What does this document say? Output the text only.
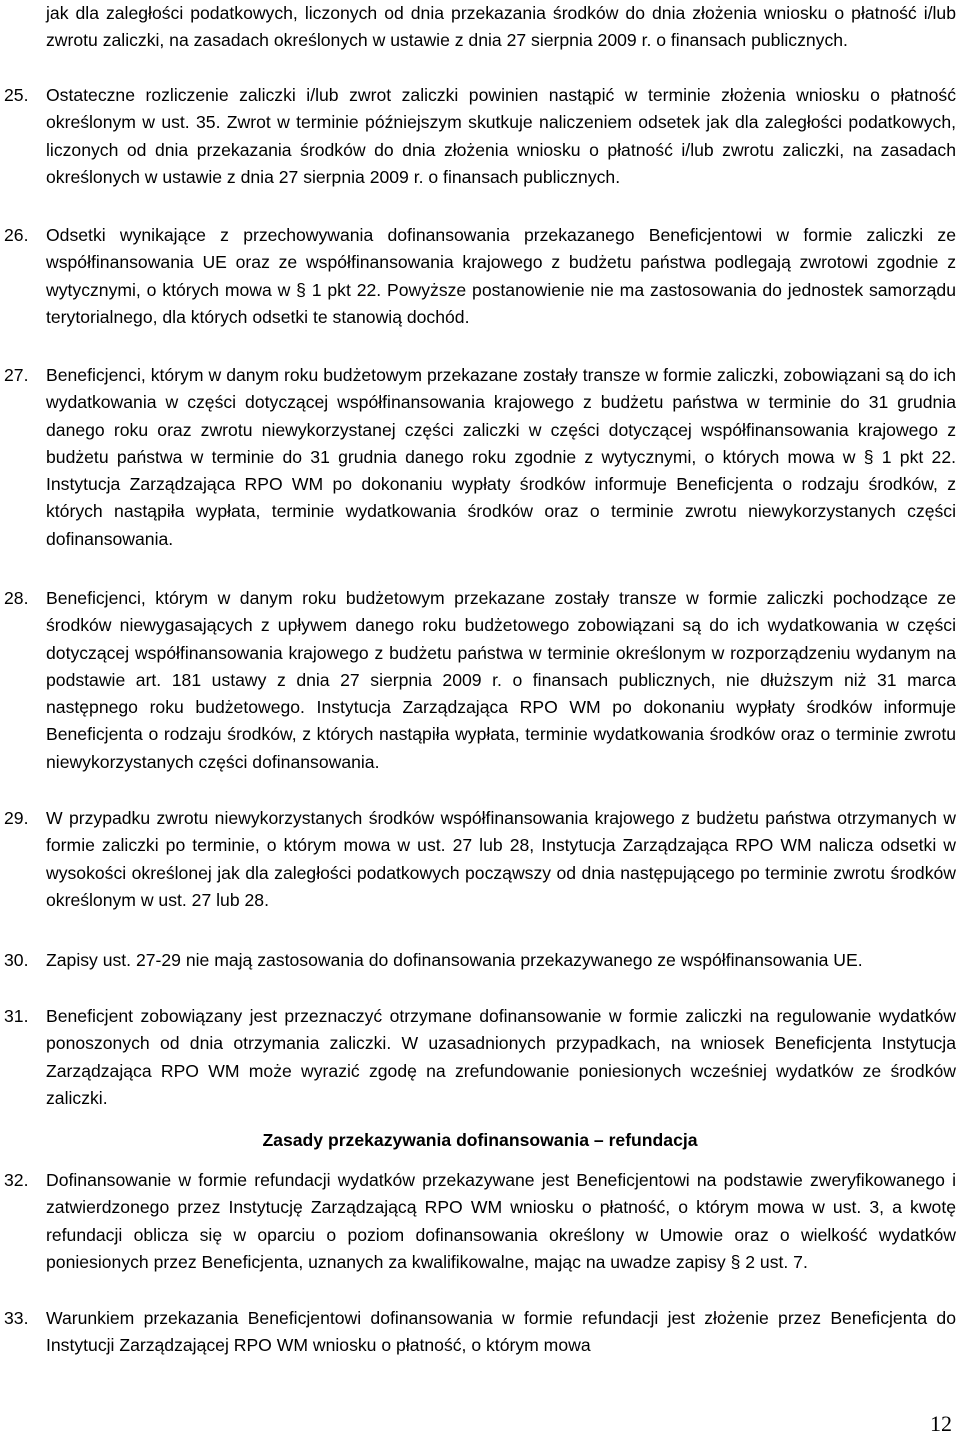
jak dla zaległości podatkowych, liczonych od dnia przekazania środków do dnia złożenia wniosku o płatność i/lub zwrotu zaliczki, na zasadach określonych w ustawie z dnia 27 sierpnia 2009 r. o finansach publicznych.
25. Ostateczne rozliczenie zaliczki i/lub zwrot zaliczki powinien nastąpić w terminie złożenia wniosku o płatność określonym w ust. 35. Zwrot w terminie późniejszym skutkuje naliczeniem odsetek jak dla zaległości podatkowych, liczonych od dnia przekazania środków do dnia złożenia wniosku o płatność i/lub zwrotu zaliczki, na zasadach określonych w ustawie z dnia 27 sierpnia 2009 r. o finansach publicznych.
26. Odsetki wynikające z przechowywania dofinansowania przekazanego Beneficjentowi w formie zaliczki ze współfinansowania UE oraz ze współfinansowania krajowego z budżetu państwa podlegają zwrotowi zgodnie z wytycznymi, o których mowa w § 1 pkt 22. Powyższe postanowienie nie ma zastosowania do jednostek samorządu terytorialnego, dla których odsetki te stanowią dochód.
27. Beneficjenci, którym w danym roku budżetowym przekazane zostały transze w formie zaliczki, zobowiązani są do ich wydatkowania w części dotyczącej współfinansowania krajowego z budżetu państwa w terminie do 31 grudnia danego roku oraz zwrotu niewykorzystanej części zaliczki w części dotyczącej współfinansowania krajowego z budżetu państwa w terminie do 31 grudnia danego roku zgodnie z wytycznymi, o których mowa w § 1 pkt 22. Instytucja Zarządzająca RPO WM po dokonaniu wypłaty środków informuje Beneficjenta o rodzaju środków, z których nastąpiła wypłata, terminie wydatkowania środków oraz o terminie zwrotu niewykorzystanych części dofinansowania.
28. Beneficjenci, którym w danym roku budżetowym przekazane zostały transze w formie zaliczki pochodzące ze środków niewygasających z upływem danego roku budżetowego zobowiązani są do ich wydatkowania w części dotyczącej współfinansowania krajowego z budżetu państwa w terminie określonym w rozporządzeniu wydanym na podstawie art. 181 ustawy z dnia 27 sierpnia 2009 r. o finansach publicznych, nie dłuższym niż 31 marca następnego roku budżetowego. Instytucja Zarządzająca RPO WM po dokonaniu wypłaty środków informuje Beneficjenta o rodzaju środków, z których nastąpiła wypłata, terminie wydatkowania środków oraz o terminie zwrotu niewykorzystanych części dofinansowania.
29. W przypadku zwrotu niewykorzystanych środków współfinansowania krajowego z budżetu państwa otrzymanych w formie zaliczki po terminie, o którym mowa w ust. 27 lub 28, Instytucja Zarządzająca RPO WM nalicza odsetki w wysokości określonej jak dla zaległości podatkowych począwszy od dnia następującego po terminie zwrotu środków określonym w ust. 27 lub 28.
30. Zapisy ust. 27-29 nie mają zastosowania do dofinansowania przekazywanego ze współfinansowania UE.
31. Beneficjent zobowiązany jest przeznaczyć otrzymane dofinansowanie w formie zaliczki na regulowanie wydatków ponoszonych od dnia otrzymania zaliczki. W uzasadnionych przypadkach, na wniosek Beneficjenta Instytucja Zarządzająca RPO WM może wyrazić zgodę na zrefundowanie poniesionych wcześniej wydatków ze środków zaliczki.
Zasady przekazywania dofinansowania – refundacja
32. Dofinansowanie w formie refundacji wydatków przekazywane jest Beneficjentowi na podstawie zweryfikowanego i zatwierdzonego przez Instytucję Zarządzającą RPO WM wniosku o płatność, o którym mowa w ust. 3, a kwotę refundacji oblicza się w oparciu o poziom dofinansowania określony w Umowie oraz o wielkość wydatków poniesionych przez Beneficjenta, uznanych za kwalifikowalne, mając na uwadze zapisy § 2 ust. 7.
33. Warunkiem przekazania Beneficjentowi dofinansowania w formie refundacji jest złożenie przez Beneficjenta do Instytucji Zarządzającej RPO WM wniosku o płatność, o którym mowa
12
